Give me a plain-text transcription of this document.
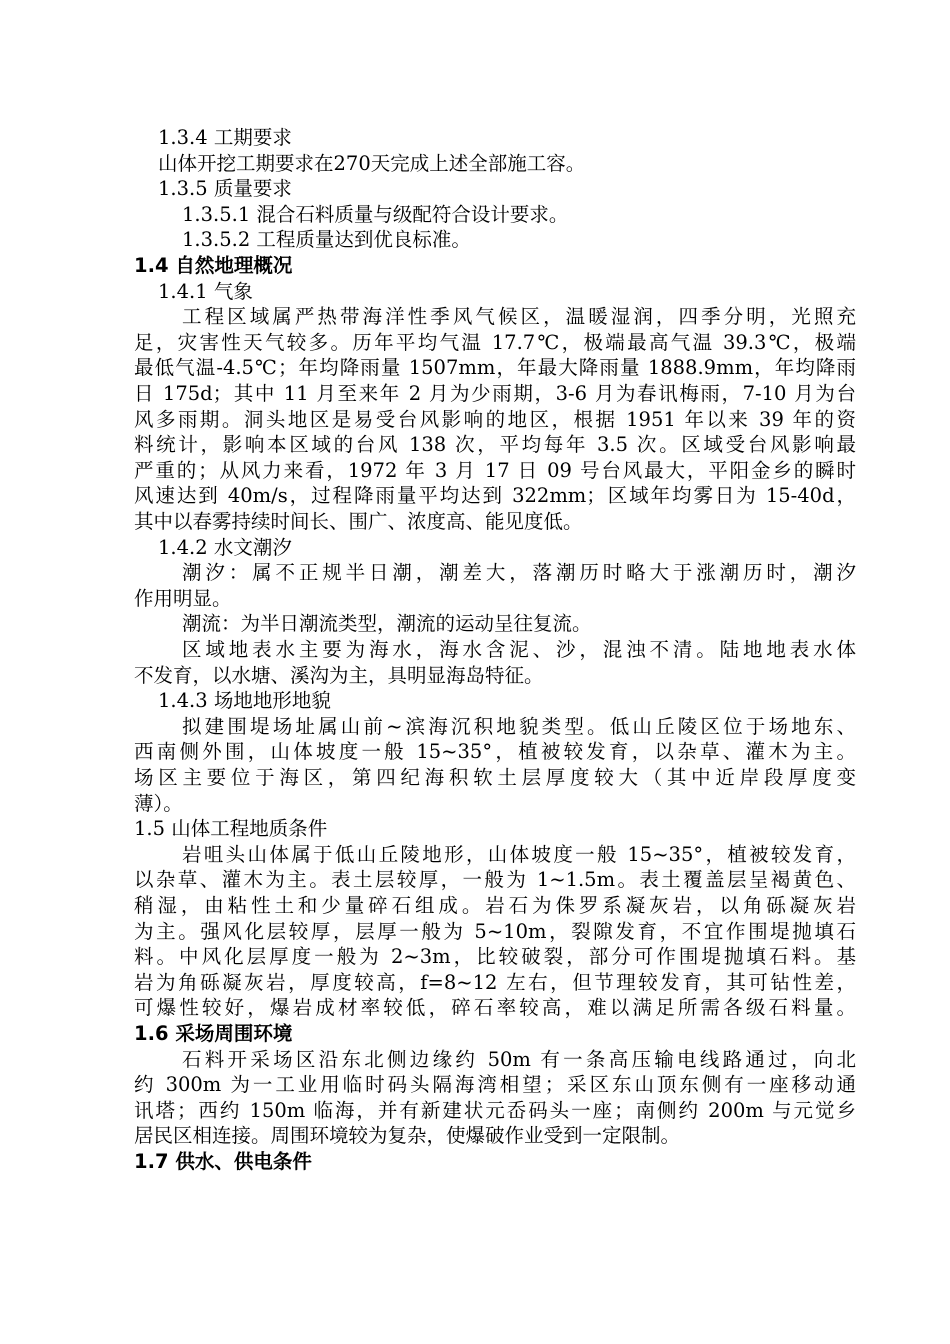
1.3.4 工期要求
山体开挖工期要求在270天完成上述全部施工容。
1.3.5 质量要求
1.3.5.1 混合石料质量与级配符合设计要求。
1.3.5.2 工程质量达到优良标准。
1.4 自然地理概况
1.4.1 气象
工程区域属严热带海洋性季风气候区，温暖湿润，四季分明，光照充
足，灾害性天气较多。历年平均气温 17.7℃，极端最高气温 39.3℃，极端
最低气温-4.5℃；年均降雨量 1507mm，年最大降雨量 1888.9mm，年均降雨
日 175d；其中 11 月至来年 2 月为少雨期，3-6 月为春讯梅雨，7-10 月为台
风多雨期。洞头地区是易受台风影响的地区，根据 1951 年以来 39 年的资
料统计，影响本区域的台风 138 次，平均每年 3.5 次。区域受台风影响最
严重的；从风力来看，1972 年 3 月 17 日 09 号台风最大，平阳金乡的瞬时
风速达到 40m/s，过程降雨量平均达到 322mm；区域年均雾日为 15-40d，
其中以春雾持续时间长、围广、浓度高、能见度低。
1.4.2 水文潮汐
潮汐：属不正规半日潮，潮差大，落潮历时略大于涨潮历时，潮汐
作用明显。
潮流：为半日潮流类型，潮流的运动呈往复流。
区域地表水主要为海水，海水含泥、沙，混浊不清。陆地地表水体
不发育，以水塘、溪沟为主，具明显海岛特征。
1.4.3 场地地形地貌
拟建围堤场址属山前~滨海沉积地貌类型。低山丘陵区位于场地东、
西南侧外围，山体坡度一般 15~35°，植被较发育，以杂草、灌木为主。
场区主要位于海区，第四纪海积软土层厚度较大（其中近岸段厚度变
薄）。
1.5 山体工程地质条件
岩咀头山体属于低山丘陵地形，山体坡度一般 15~35°，植被较发育，
以杂草、灌木为主。表土层较厚，一般为 1~1.5m。表土覆盖层呈褐黄色、
稍湿，由粘性土和少量碎石组成。岩石为侏罗系凝灰岩，以角砾凝灰岩
为主。强风化层较厚，层厚一般为 5~10m，裂隙发育，不宜作围堤抛填石
料。中风化层厚度一般为 2~3m，比较破裂，部分可作围堤抛填石料。基
岩为角砾凝灰岩，厚度较高，f=8~12 左右，但节理较发育，其可钻性差，
可爆性较好，爆岩成材率较低，碎石率较高，难以满足所需各级石料量。
1.6 采场周围环境
石料开采场区沿东北侧边缘约 50m 有一条高压输电线路通过，向北
约 300m 为一工业用临时码头隔海湾相望；采区东山顶东侧有一座移动通
讯塔；西约 150m 临海，并有新建状元岙码头一座；南侧约 200m 与元觉乡
居民区相连接。周围环境较为复杂，使爆破作业受到一定限制。
1.7 供水、供电条件
